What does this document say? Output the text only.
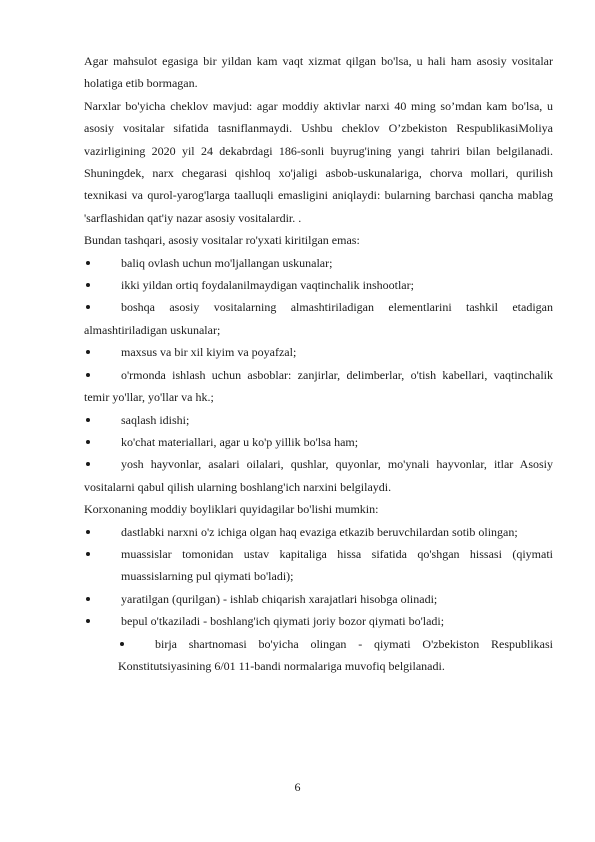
Agar mahsulot egasiga bir yildan kam vaqt xizmat qilgan bo'lsa, u hali ham asosiy vositalar holatiga etib bormagan.

Narxlar bo'yicha cheklov mavjud: agar moddiy aktivlar narxi 40 ming so’mdan kam bo'lsa, u asosiy vositalar sifatida tasniflanmaydi. Ushbu cheklov O’zbekiston RespublikasiMoliya vazirligining 2020 yil 24 dekabrdagi 186-sonli buyrug'ining yangi tahriri bilan belgilanadi. Shuningdek, narx chegarasi qishloq xo'jaligi asbob-uskunalariga, chorva mollari, qurilish texnikasi va qurol-yarog'larga taalluqli emasligini aniqlaydi: bularning barchasi qancha mablag 'sarflashidan qat'iy nazar asosiy vositalardir. .

Bundan tashqari, asosiy vositalar ro'yxati kiritilgan emas:

baliq ovlash uchun mo'ljallangan uskunalar;
ikki yildan ortiq foydalanilmaydigan vaqtinchalik inshootlar;
boshqa asosiy vositalarning almashtiriladigan elementlarini tashkil etadigan almashtiriladigan uskunalar;
maxsus va bir xil kiyim va poyafzal;
o'rmonda ishlash uchun asboblar: zanjirlar, delimberlar, o'tish kabellari, vaqtinchalik temir yo'llar, yo'llar va hk.;
saqlash idishi;
ko'chat materiallari, agar u ko'p yillik bo'lsa ham;
yosh hayvonlar, asalari oilalari, qushlar, quyonlar, mo'ynali hayvonlar, itlar Asosiy vositalarni qabul qilish ularning boshlang'ich narxini belgilaydi.

Korxonaning moddiy boyliklari quyidagilar bo'lishi mumkin:

dastlabki narxni o'z ichiga olgan haq evaziga etkazib beruvchilardan sotib olingan;
muassislar tomonidan ustav kapitaliga hissa sifatida qo'shgan hissasi (qiymati muassislarning pul qiymati bo'ladi);
yaratilgan (qurilgan) - ishlab chiqarish xarajatlari hisobga olinadi;
bepul o'tkaziladi - boshlang'ich qiymati joriy bozor qiymati bo'ladi;
birja shartnomasi bo'yicha olingan - qiymati O'zbekiston Respublikasi Konstitutsiyasining 6/01 11-bandi normalariga muvofiq belgilanadi.
6
